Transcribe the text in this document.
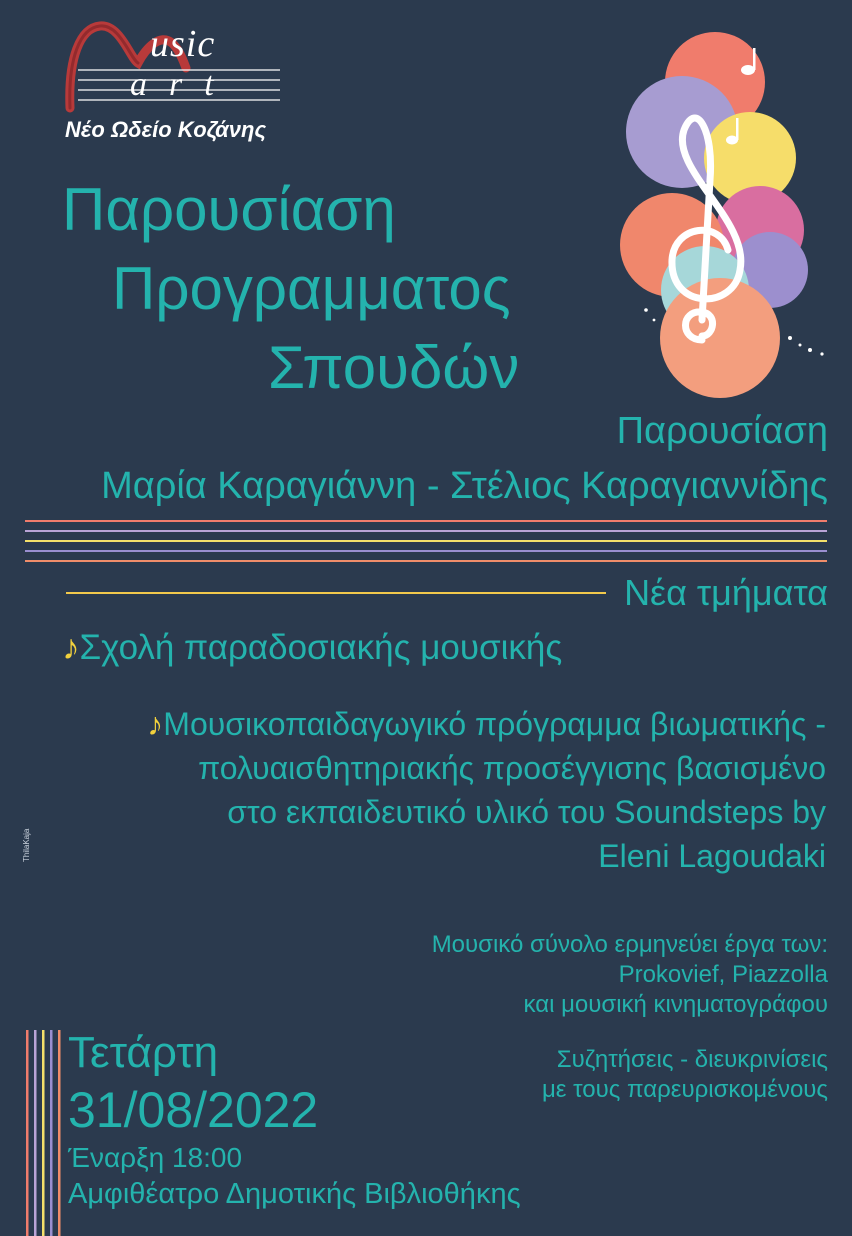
usic
art
Νέο Ωδείο Κοζάνης
Παρουσίαση
Προγραμματος
Σπουδών
Παρουσίαση
Μαρία Καραγιάννη - Στέλιος Καραγιαννίδης
Νέα τμήματα
♪Σχολή παραδοσιακής μουσικής
♪Μουσικοπαιδαγωγικό πρόγραμμα βιωματικής -
πολυαισθητηριακής προσέγγισης βασισμένο
στο εκπαιδευτικό υλικό του Soundsteps by
Eleni Lagoudaki
ThilaKaja
Μουσικό σύνολο ερμηνεύει έργα των:
Prokovief, Piazzolla
και μουσική κινηματογράφου
Συζητήσεις - διευκρινίσεις
με τους παρευρισκομένους
Τετάρτη
31/08/2022
Έναρξη 18:00
Αμφιθέατρο Δημοτικής Βιβλιοθήκης
